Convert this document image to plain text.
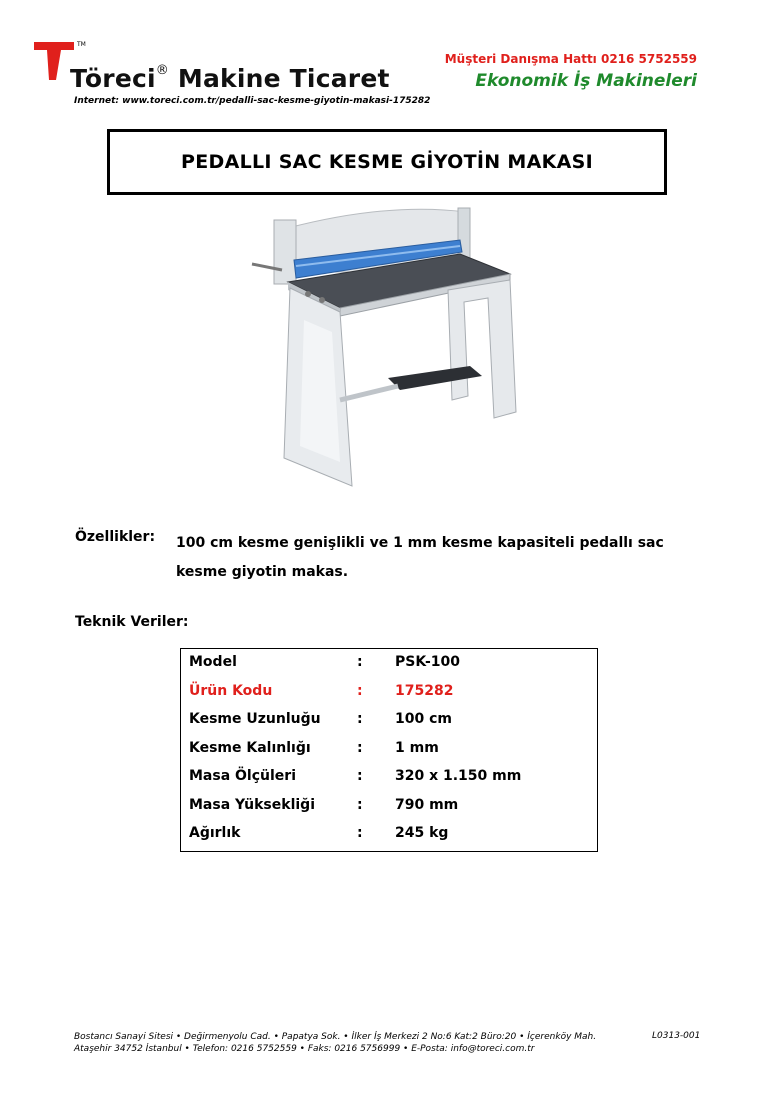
TM
Töreci® Makine Ticaret
Internet: www.toreci.com.tr/pedalli-sac-kesme-giyotin-makasi-175282
Müşteri Danışma Hattı 0216 5752559
Ekonomik İş Makineleri
PEDALLI SAC KESME GİYOTİN MAKASI
Özellikler: 100 cm kesme genişlikli ve 1 mm kesme kapasiteli pedallı sac kesme giyotin makas.
Teknik Veriler:
Model	: PSK-100
Ürün Kodu	: 175282
Kesme Uzunluğu	: 100 cm
Kesme Kalınlığı	: 1 mm
Masa Ölçüleri	: 320 x 1.150 mm
Masa Yüksekliği	: 790 mm
Ağırlık	: 245 kg
Bostancı Sanayi Sitesi • Değirmenyolu Cad. • Papatya Sok. • İlker İş Merkezi 2 No:6 Kat:2 Büro:20 • İçerenköy Mah.
Ataşehir 34752 İstanbul • Telefon: 0216 5752559 • Faks: 0216 5756999 • E-Posta: info@toreci.com.tr
L0313-001
